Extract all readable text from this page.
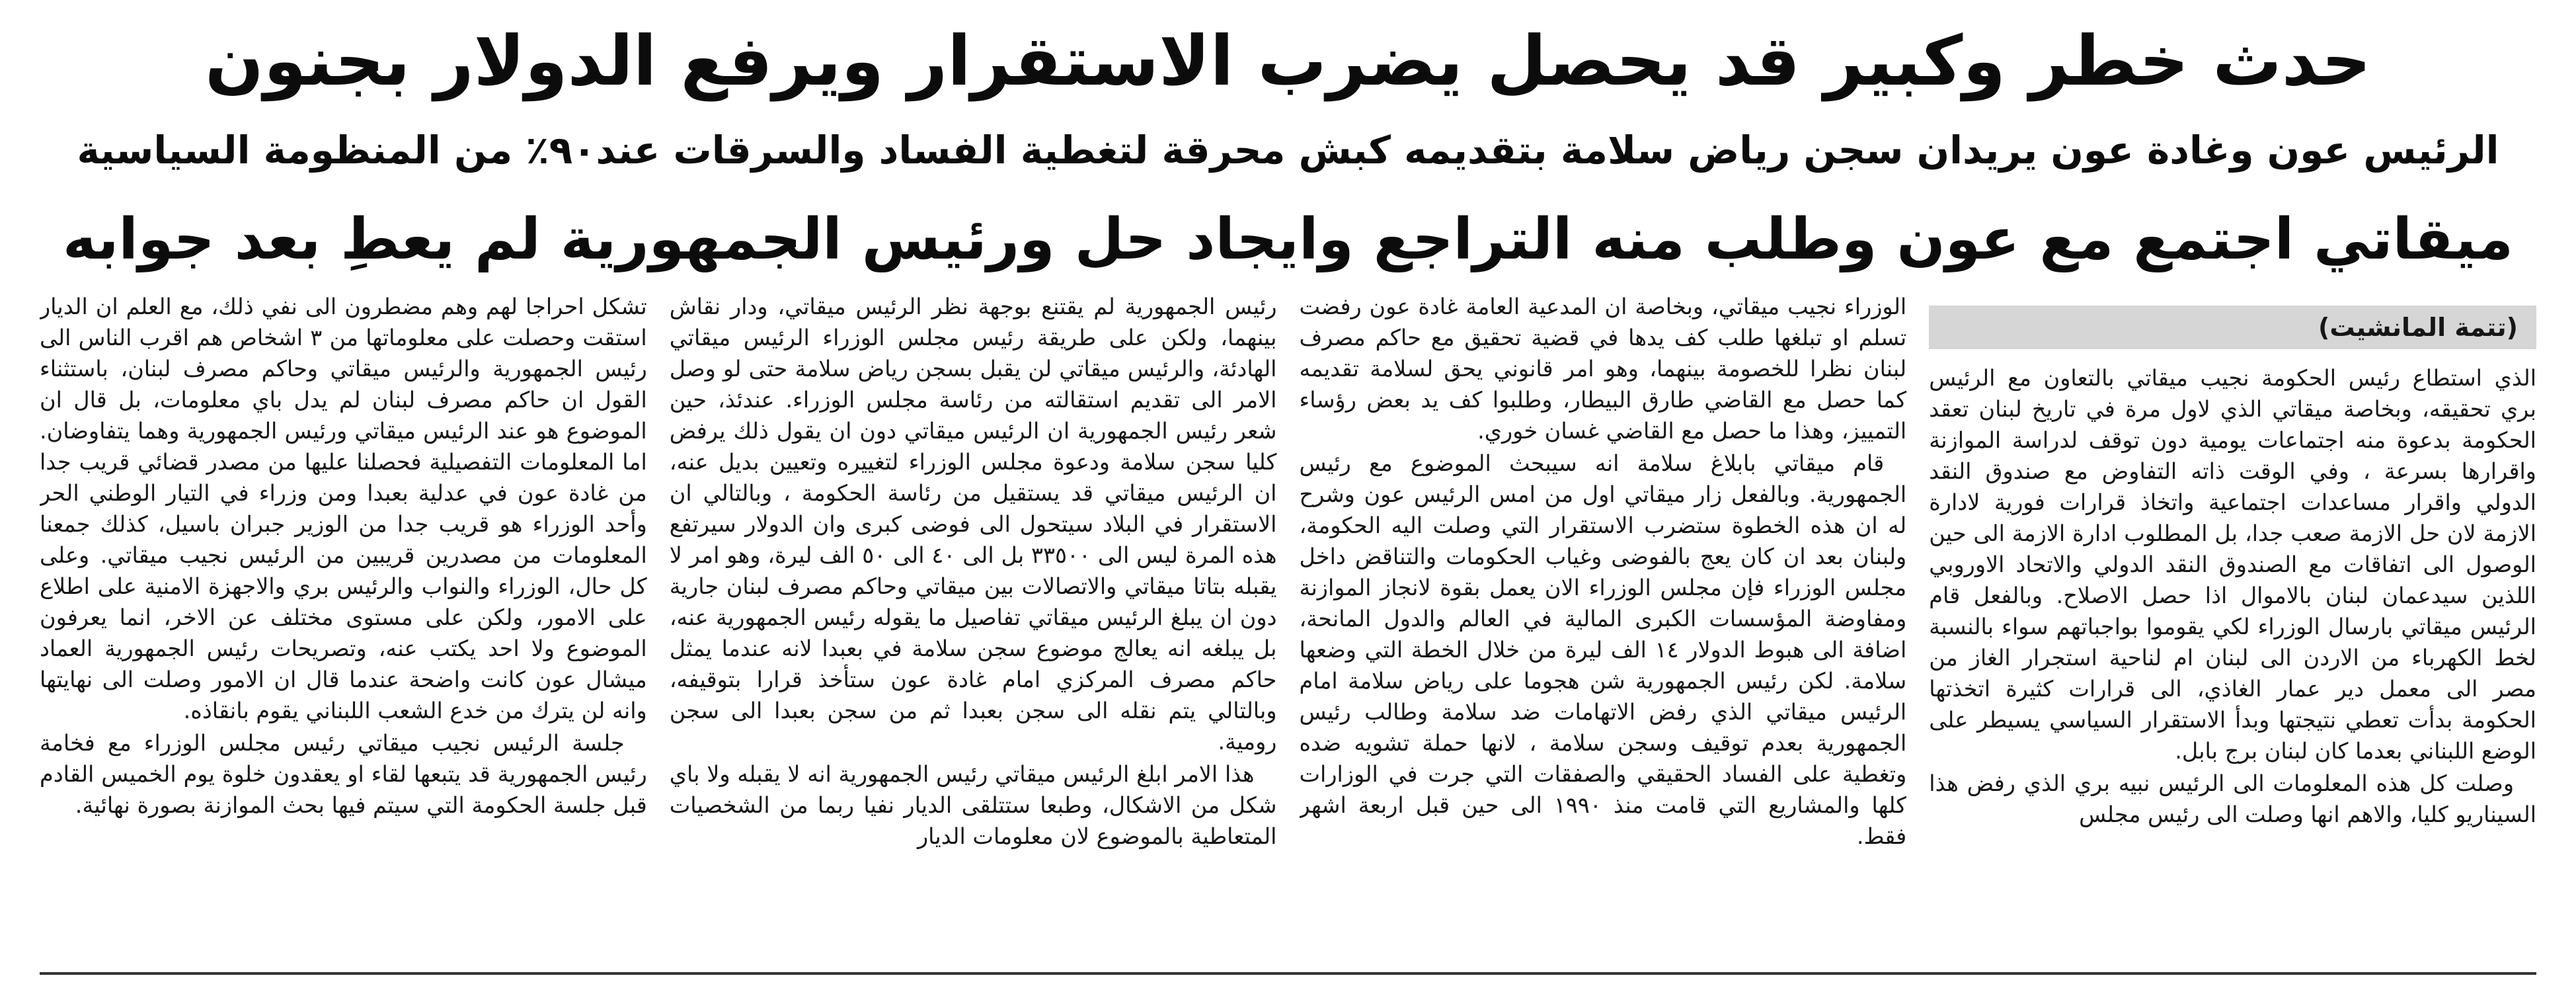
حدث خطر وكبير قد يحصل يضرب الاستقرار ويرفع الدولار بجنون
الرئيس عون وغادة عون يريدان سجن رياض سلامة بتقديمه كبش محرقة لتغطية الفساد والسرقات عند٩٠٪ من المنظومة السياسية
ميقاتي اجتمع مع عون وطلب منه التراجع وايجاد حل ورئيس الجمهورية لم يعطِ بعد جوابه
(تتمة المانشيت)

الذي استطاع رئيس الحكومة نجيب ميقاتي بالتعاون مع الرئيس بري تحقيقه، وبخاصة ميقاتي الذي لاول مرة في تاريخ لبنان تعقد الحكومة بدعوة منه اجتماعات يومية دون توقف لدراسة الموازنة واقرارها بسرعة ، وفي الوقت ذاته التفاوض مع صندوق النقد الدولي واقرار مساعدات اجتماعية واتخاذ قرارات فورية لادارة الازمة لان حل الازمة صعب جدا، بل المطلوب ادارة الازمة الى حين الوصول الى اتفاقات مع الصندوق النقد الدولي والاتحاد الاوروبي اللذين سيدعمان لبنان بالاموال اذا حصل الاصلاح. وبالفعل قام الرئيس ميقاتي بارسال الوزراء لكي يقوموا بواجباتهم سواء بالنسبة لخط الكهرباء من الاردن الى لبنان ام لناحية استجرار الغاز من مصر الى معمل دير عمار الغاذي، الى قرارات كثيرة اتخذتها الحكومة بدأت تعطي نتيجتها وبدأ الاستقرار السياسي يسيطر على الوضع اللبناني بعدما كان لبنان برج بابل.

وصلت كل هذه المعلومات الى الرئيس نبيه بري الذي رفض هذا السيناريو كليا، والاهم انها وصلت الى رئيس مجلس

الوزراء نجيب ميقاتي، وبخاصة ان المدعية العامة غادة عون رفضت تسلم او تبلغها طلب كف يدها في قضية تحقيق مع حاكم مصرف لبنان نظرا للخصومة بينهما، وهو امر قانوني يحق لسلامة تقديمه كما حصل مع القاضي طارق البيطار، وطلبوا كف يد بعض رؤساء التمييز، وهذا ما حصل مع القاضي غسان خوري.

قام ميقاتي بابلاغ سلامة انه سيبحث الموضوع مع رئيس الجمهورية. وبالفعل زار ميقاتي اول من امس الرئيس عون وشرح له ان هذه الخطوة ستضرب الاستقرار التي وصلت اليه الحكومة، ولبنان بعد ان كان يعج بالفوضى وغياب الحكومات والتناقض داخل مجلس الوزراء فإن مجلس الوزراء الان يعمل بقوة لانجاز الموازنة ومفاوضة المؤسسات الكبرى المالية في العالم والدول المانحة، اضافة الى هبوط الدولار ١٤ الف ليرة من خلال الخطة التي وضعها سلامة. لكن رئيس الجمهورية شن هجوما على رياض سلامة امام الرئيس ميقاتي الذي رفض الاتهامات ضد سلامة وطالب رئيس الجمهورية بعدم توقيف وسجن سلامة ، لانها حملة تشويه ضده وتغطية على الفساد الحقيقي والصفقات التي جرت في الوزارات كلها والمشاريع التي قامت منذ ١٩٩٠ الى حين قبل اربعة اشهر فقط.

رئيس الجمهورية لم يقتنع بوجهة نظر الرئيس ميقاتي، ودار نقاش بينهما، ولكن على طريقة رئيس مجلس الوزراء الرئيس ميقاتي الهادئة، والرئيس ميقاتي لن يقبل بسجن رياض سلامة حتى لو وصل الامر الى تقديم استقالته من رئاسة مجلس الوزراء. عندئذ، حين شعر رئيس الجمهورية ان الرئيس ميقاتي دون ان يقول ذلك يرفض كليا سجن سلامة ودعوة مجلس الوزراء لتغييره وتعيين بديل عنه، ان الرئيس ميقاتي قد يستقيل من رئاسة الحكومة ، وبالتالي ان الاستقرار في البلاد سيتحول الى فوضى كبرى وان الدولار سيرتفع هذه المرة ليس الى ٣٣٥٠٠ بل الى ٤٠ الى ٥٠ الف ليرة، وهو امر لا يقبله بتاتا ميقاتي والاتصالات بين ميقاتي وحاكم مصرف لبنان جارية دون ان يبلغ الرئيس ميقاتي تفاصيل ما يقوله رئيس الجمهورية عنه، بل يبلغه انه يعالج موضوع سجن سلامة في بعبدا لانه عندما يمثل حاكم مصرف المركزي امام غادة عون ستأخذ قرارا بتوقيفه، وبالتالي يتم نقله الى سجن بعبدا ثم من سجن بعبدا الى سجن رومية.

هذا الامر ابلغ الرئيس ميقاتي رئيس الجمهورية انه لا يقبله ولا باي شكل من الاشكال، وطبعا ستتلقى الديار نفيا ربما من الشخصيات المتعاطية بالموضوع لان معلومات الديار

تشكل احراجا لهم وهم مضطرون الى نفي ذلك، مع العلم ان الديار استقت وحصلت على معلوماتها من ٣ اشخاص هم اقرب الناس الى رئيس الجمهورية والرئيس ميقاتي وحاكم مصرف لبنان، باستثناء القول ان حاكم مصرف لبنان لم يدل باي معلومات، بل قال ان الموضوع هو عند الرئيس ميقاتي ورئيس الجمهورية وهما يتفاوضان. اما المعلومات التفصيلية فحصلنا عليها من مصدر قضائي قريب جدا من غادة عون في عدلية بعبدا ومن وزراء في التيار الوطني الحر وأحد الوزراء هو قريب جدا من الوزير جبران باسيل، كذلك جمعنا المعلومات من مصدرين قريبين من الرئيس نجيب ميقاتي. وعلى كل حال، الوزراء والنواب والرئيس بري والاجهزة الامنية على اطلاع على الامور، ولكن على مستوى مختلف عن الاخر، انما يعرفون الموضوع ولا احد يكتب عنه، وتصريحات رئيس الجمهورية العماد ميشال عون كانت واضحة عندما قال ان الامور وصلت الى نهايتها وانه لن يترك من خدع الشعب اللبناني يقوم بانقاذه.

جلسة الرئيس نجيب ميقاتي رئيس مجلس الوزراء مع فخامة رئيس الجمهورية قد يتبعها لقاء او يعقدون خلوة يوم الخميس القادم قبل جلسة الحكومة التي سيتم فيها بحث الموازنة بصورة نهائية.
